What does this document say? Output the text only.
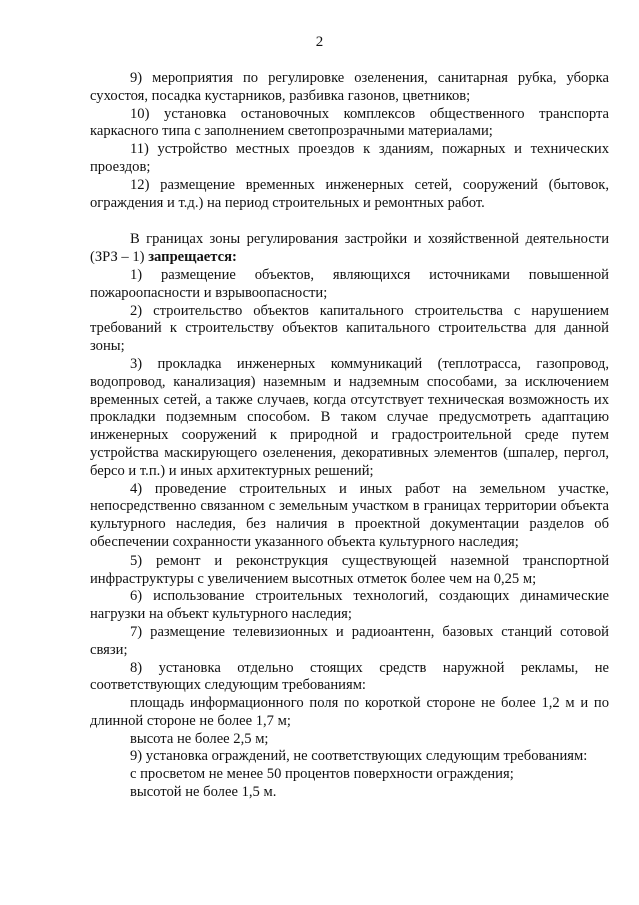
2

9) мероприятия по регулировке озеленения, санитарная рубка, уборка сухостоя, посадка кустарников, разбивка газонов, цветников;

10) установка остановочных комплексов общественного транспорта каркасного типа с заполнением светопрозрачными материалами;

11) устройство местных проездов к зданиям, пожарных и технических проездов;

12) размещение временных инженерных сетей, сооружений (бытовок, ограждения и т.д.) на период строительных и ремонтных работ.

В границах зоны регулирования застройки и хозяйственной деятельности (ЗРЗ – 1) запрещается:

1) размещение объектов, являющихся источниками повышенной пожароопасности и взрывоопасности;

2) строительство объектов капитального строительства с нарушением требований к строительству объектов капитального строительства для данной зоны;

3) прокладка инженерных коммуникаций (теплотрасса, газопровод, водопровод, канализация) наземным и надземным способами, за исключением временных сетей, а также случаев, когда отсутствует техническая возможность их прокладки подземным способом. В таком случае предусмотреть адаптацию инженерных сооружений к природной и градостроительной среде путем устройства маскирующего озеленения, декоративных элементов (шпалер, пергол, берсо и т.п.) и иных архитектурных решений;

4) проведение строительных и иных работ на земельном участке, непосредственно связанном с земельным участком в границах территории объекта культурного наследия, без наличия в проектной документации разделов об обеспечении сохранности указанного объекта культурного наследия;

5) ремонт и реконструкция существующей наземной транспортной инфраструктуры с увеличением высотных отметок более чем на 0,25 м;

6) использование строительных технологий, создающих динамические нагрузки на объект культурного наследия;

7) размещение телевизионных и радиоантенн, базовых станций сотовой связи;

8) установка отдельно стоящих средств наружной рекламы, не соответствующих следующим требованиям:

площадь информационного поля по короткой стороне не более 1,2 м и по длинной стороне не более 1,7 м;

высота не более 2,5 м;

9) установка ограждений, не соответствующих следующим требованиям:

с просветом не менее 50 процентов поверхности ограждения;

высотой не более 1,5 м.
